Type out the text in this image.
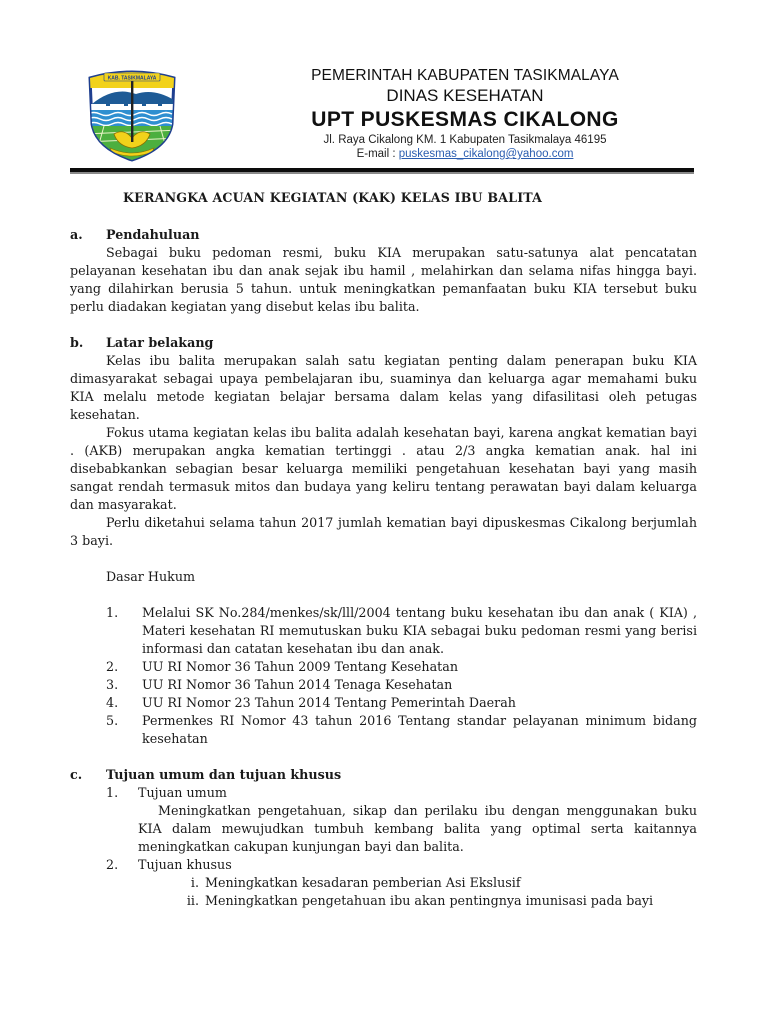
KAB. TASIKMALAYA	PEMERINTAH KABUPATEN TASIKMALAYA
DINAS KESEHATAN
UPT PUSKESMAS CIKALONG
Jl. Raya Cikalong KM. 1 Kabupaten Tasikmalaya 46195
E-mail : puskesmas_cikalong@yahoo.com
KERANGKA ACUAN KEGIATAN (KAK) KELAS IBU BALITA
a.	Pendahuluan

Sebagai buku pedoman resmi, buku KIA merupakan satu-satunya alat pencatatan pelayanan kesehatan ibu dan anak sejak ibu hamil , melahirkan dan selama nifas hingga bayi. yang dilahirkan berusia 5 tahun. untuk meningkatkan pemanfaatan buku KIA tersebut buku perlu diadakan kegiatan yang disebut kelas ibu balita.

b.	Latar belakang

Kelas ibu balita merupakan salah satu kegiatan penting dalam penerapan buku KIA dimasyarakat sebagai upaya pembelajaran ibu, suaminya dan keluarga agar memahami buku KIA melalu metode kegiatan belajar bersama dalam kelas yang difasilitasi oleh petugas kesehatan.

Fokus utama kegiatan kelas ibu balita adalah kesehatan bayi, karena angkat kematian bayi . (AKB) merupakan angka kematian tertinggi . atau 2/3 angka kematian anak. hal ini disebabkankan sebagian besar keluarga memiliki pengetahuan kesehatan bayi yang masih sangat rendah termasuk mitos dan budaya yang keliru tentang perawatan bayi dalam keluarga dan masyarakat.

Perlu diketahui selama tahun 2017 jumlah kematian bayi dipuskesmas Cikalong berjumlah 3 bayi.

Dasar Hukum
1.	Melalui SK No.284/menkes/sk/lll/2004 tentang buku kesehatan ibu dan anak ( KIA) , Materi kesehatan RI memutuskan buku KIA sebagai buku pedoman resmi yang berisi informasi dan catatan kesehatan ibu dan anak.
2.	UU RI Nomor 36 Tahun 2009 Tentang Kesehatan
3.	UU RI Nomor 36 Tahun 2014 Tenaga Kesehatan
4.	UU RI Nomor 23 Tahun 2014 Tentang Pemerintah Daerah
5.	Permenkes RI Nomor 43 tahun 2016 Tentang standar pelayanan minimum bidang kesehatan
c.	Tujuan umum dan tujuan khusus
1.	Tujuan umum

Meningkatkan pengetahuan, sikap dan perilaku ibu dengan menggunakan buku KIA dalam mewujudkan tumbuh kembang balita yang optimal serta kaitannya meningkatkan cakupan kunjungan bayi dan balita.

2.	Tujuan khusus
i. Meningkatkan kesadaran pemberian Asi Ekslusif
ii. Meningkatkan pengetahuan ibu akan pentingnya imunisasi pada bayi
